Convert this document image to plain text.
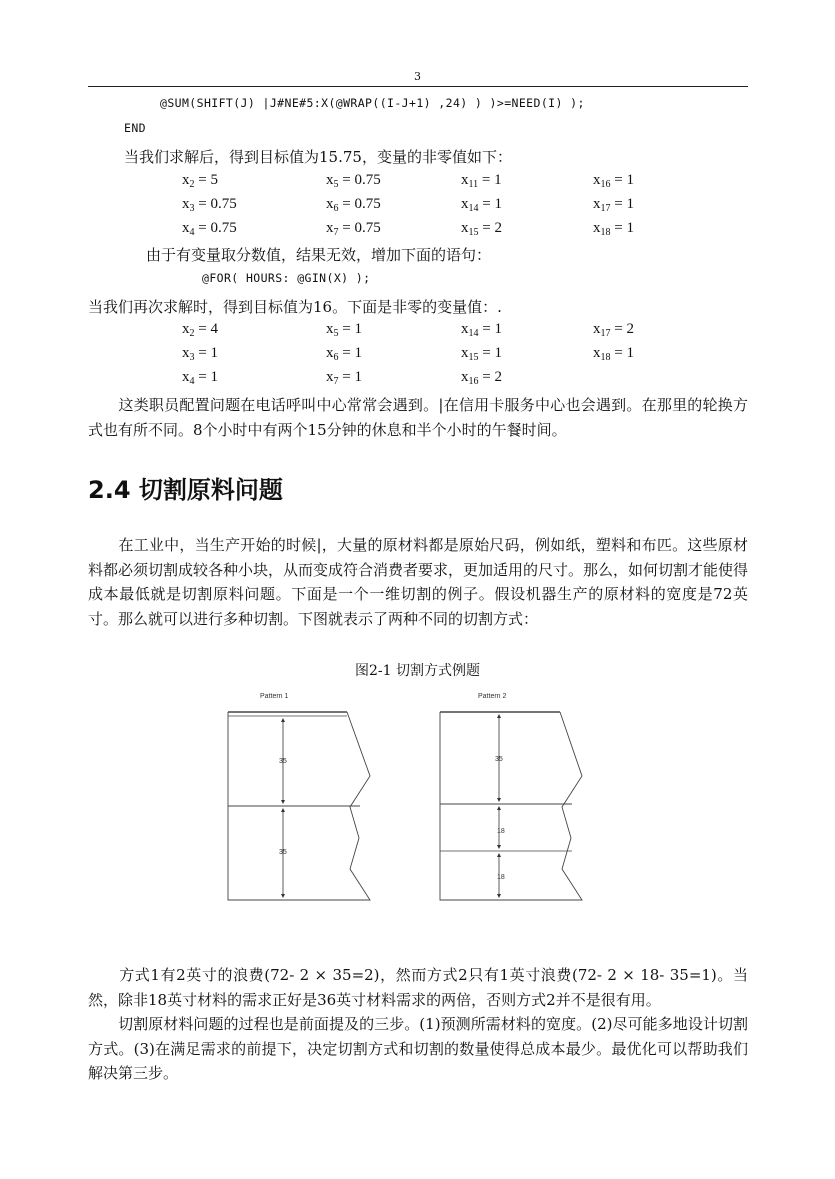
3
@SUM(SHIFT(J) |J#NE#5:X(@WRAP((I-J+1) ,24) ) )>=NEED(I) );
END
当我们求解后，得到目标值为15.75，变量的非零值如下：
$x_2 = 5$	$x_5 = 0.75$	$x_{11} = 1$	$x_{16} = 1$
$x_3 = 0.75$	$x_6 = 0.75$	$x_{14} = 1$	$x_{17} = 1$
$x_4 = 0.75$	$x_7 = 0.75$	$x_{15} = 2$	$x_{18} = 1$
由于有变量取分数值，结果无效，增加下面的语句：
@FOR( HOURS: @GIN(X) );
当我们再次求解时，得到目标值为16。下面是非零的变量值：.
$x_2 = 4$	$x_5 = 1$	$x_{14} = 1$	$x_{17} = 2$
$x_3 = 1$	$x_6 = 1$	$x_{15} = 1$	$x_{18} = 1$
$x_4 = 1$	$x_7 = 1$	$x_{16} = 2$
　　这类职员配置问题在电话呼叫中心常常会遇到。|在信用卡服务中心也会遇到。在那里的轮换方式也有所不同。8个小时中有两个15分钟的休息和半个小时的午餐时间。
2.4 切割原料问题
　　在工业中，当生产开始的时候|，大量的原材料都是原始尺码，例如纸，塑料和布匹。这些原材料都必须切割成较各种小块，从而变成符合消费者要求，更加适用的尺寸。那么，如何切割才能使得成本最低就是切割原料问题。下面是一个一维切割的例子。假设机器生产的原材料的宽度是72英寸。那么就可以进行多种切割。下图就表示了两种不同的切割方式：
图2-1 切割方式例题
Pattern 1
35
35
Pattern 2
35
18
18
　　方式1有2英寸的浪费(72- 2 × 35=2)，然而方式2只有1英寸浪费(72- 2 × 18- 35=1)。当然，除非18英寸材料的需求正好是36英寸材料需求的两倍，否则方式2并不是很有用。
　　切割原材料问题的过程也是前面提及的三步。(1)预测所需材料的宽度。(2)尽可能多地设计切割方式。(3)在满足需求的前提下，决定切割方式和切割的数量使得总成本最少。最优化可以帮助我们解决第三步。
